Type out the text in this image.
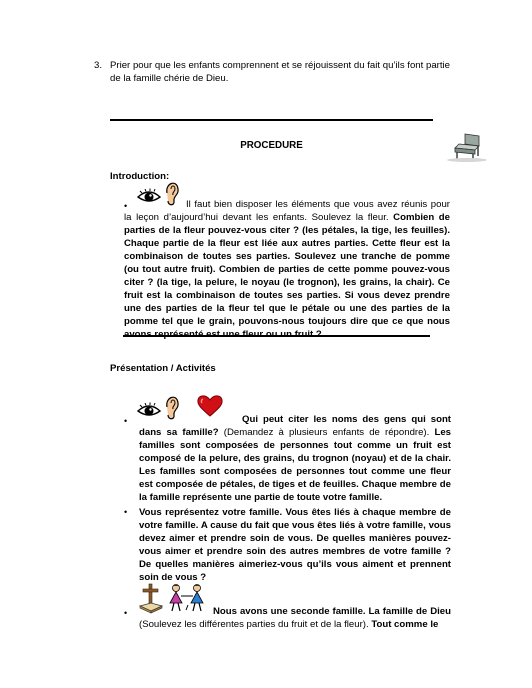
3. Prier pour que les enfants comprennent et se réjouissent du fait qu’ils font partie de la famille chérie de Dieu.
PROCEDURE
Introduction:
•	Il faut bien disposer les éléments que vous avez réunis pour la leçon d’aujourd’hui devant les enfants. Soulevez la fleur. Combien de parties de la fleur pouvez-vous citer ? (les pétales, la tige, les feuilles). Chaque partie de la fleur est liée aux autres parties. Cette fleur est la combinaison de toutes ses parties. Soulevez une tranche de pomme (ou tout autre fruit). Combien de parties de cette pomme pouvez-vous citer ? (la tige, la pelure, le noyau (le trognon), les grains, la chair). Ce fruit est la combinaison de toutes ses parties. Si vous devez prendre une des parties de la fleur tel que le pétale ou une des parties de la pomme tel que le grain, pouvons-nous toujours dire que ce que nous
Présentation / Activités
•	Qui peut citer les noms des gens qui sont dans sa famille? (Demandez à plusieurs enfants de répondre). Les familles sont composées de personnes tout comme un fruit est composé de la pelure, des grains, du trognon (noyau) et de la chair. Les familles sont composées de personnes tout comme une fleur est composée de pétales, de tiges et de feuilles. Chaque membre de la famille représente une partie de toute votre famille.
• Vous représentez votre famille. Vous êtes liés à chaque membre de votre famille. A cause du fait que vous êtes liés à votre famille, vous devez aimer et prendre soin de vous. De quelles manières pouvez-vous aimer et prendre soin des autres membres de votre famille ? De quelles manières aimeriez-vous qu’ils vous aiment et prennent soin de vous ?
•	Nous avons une seconde famille. La famille de Dieu (Soulevez les différentes parties du fruit et de la fleur). Tout comme le
